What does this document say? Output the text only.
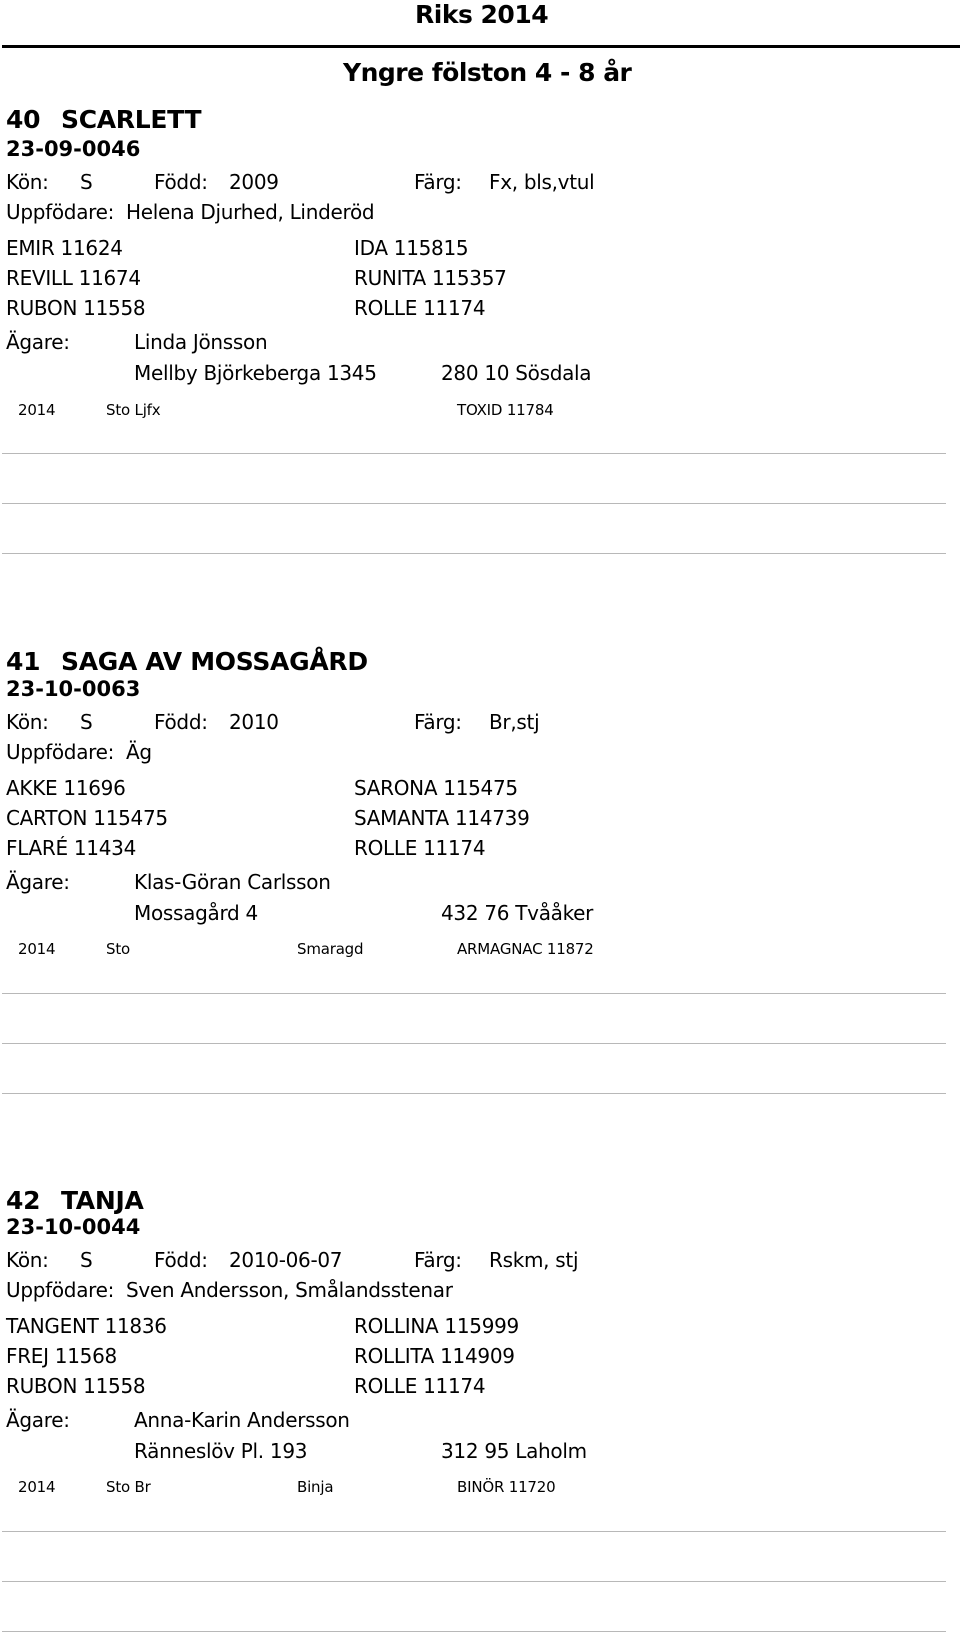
Riks 2014
Yngre fölston 4 - 8 år
40 SCARLETT
23-09-0046
Kön: S	Född: 2009	Färg: Fx, bls,vtul
Uppfödare: Helena Djurhed, Linderöd
EMIR 11624	IDA 115815
REVILL 11674	RUNITA 115357
RUBON 11558	ROLLE 11174
Ägare:	Linda Jönsson
Mellby Björkeberga 1345	280 10 Sösdala
2014	Sto Ljfx	TOXID 11784
41 SAGA AV MOSSAGÅRD
23-10-0063
Kön: S	Född: 2010	Färg: Br,stj
Uppfödare: Äg
AKKE 11696	SARONA 115475
CARTON 115475	SAMANTA 114739
FLARÉ 11434	ROLLE 11174
Ägare:	Klas-Göran Carlsson
Mossagård 4	432 76 Tvååker
2014	Sto	Smaragd	ARMAGNAC 11872
42 TANJA
23-10-0044
Kön: S	Född: 2010-06-07	Färg: Rskm, stj
Uppfödare: Sven Andersson, Smålandsstenar
TANGENT 11836	ROLLINA 115999
FREJ 11568	ROLLITA 114909
RUBON 11558	ROLLE 11174
Ägare:	Anna-Karin Andersson
Ränneslöv Pl. 193	312 95 Laholm
2014	Sto Br	Binja	BINÖR 11720
